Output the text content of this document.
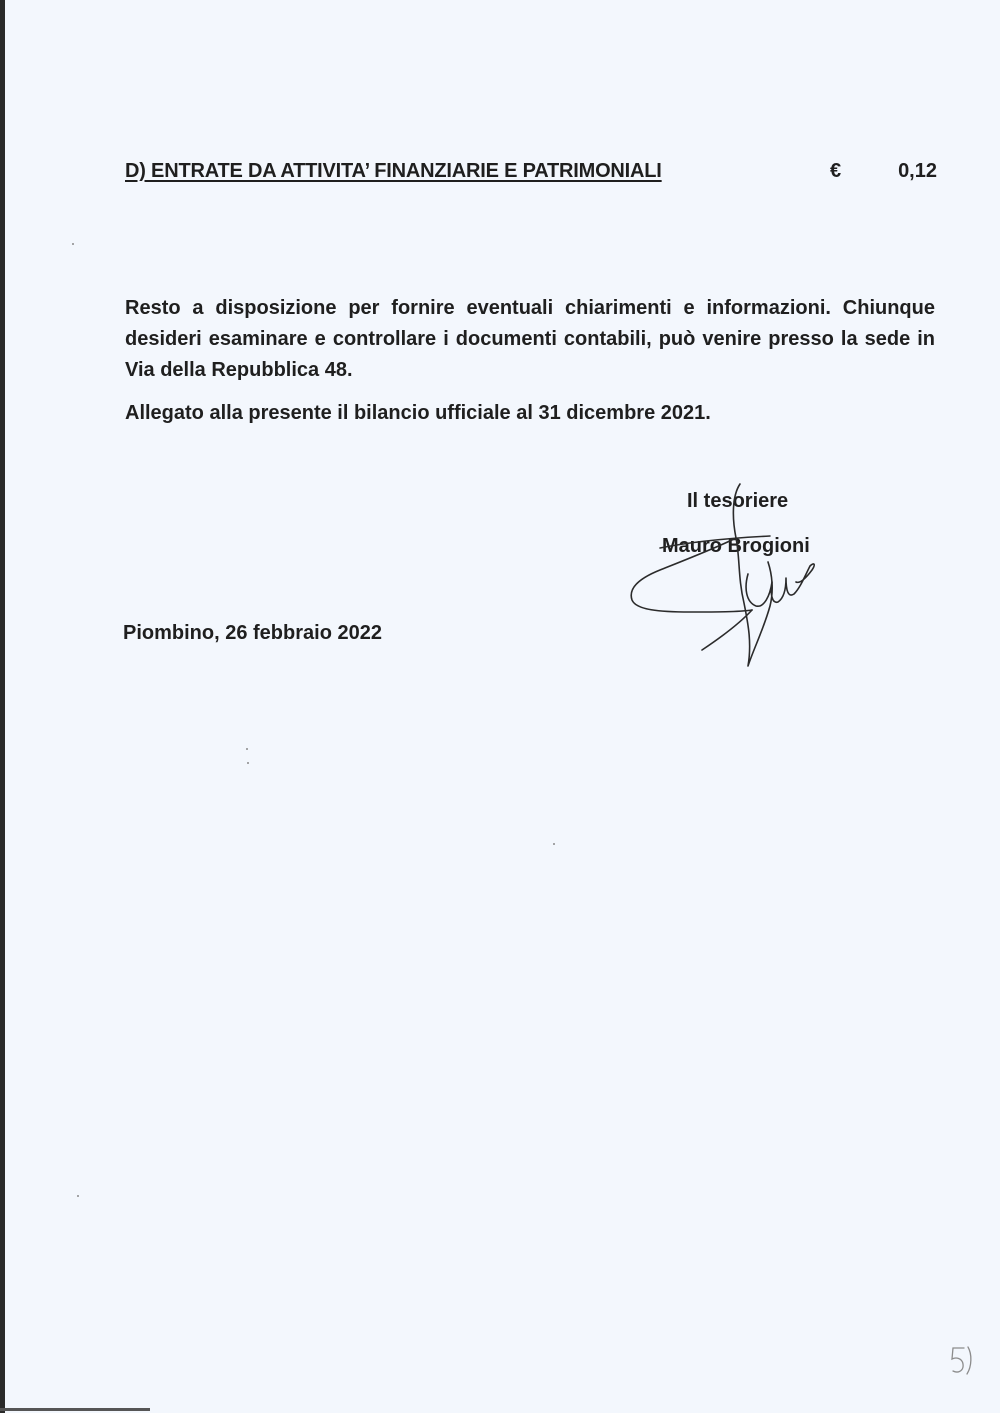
D) ENTRATE DA ATTIVITA’ FINANZIARIE E PATRIMONIALI	€	0,12

Resto a disposizione per fornire eventuali chiarimenti e informazioni. Chiunque desideri esaminare e controllare i documenti contabili, può venire presso la sede in Via della Repubblica 48.

Allegato alla presente il bilancio ufficiale al 31 dicembre 2021.

Il tesoriere
Mauro Brogioni
Piombino, 26 febbraio 2022
